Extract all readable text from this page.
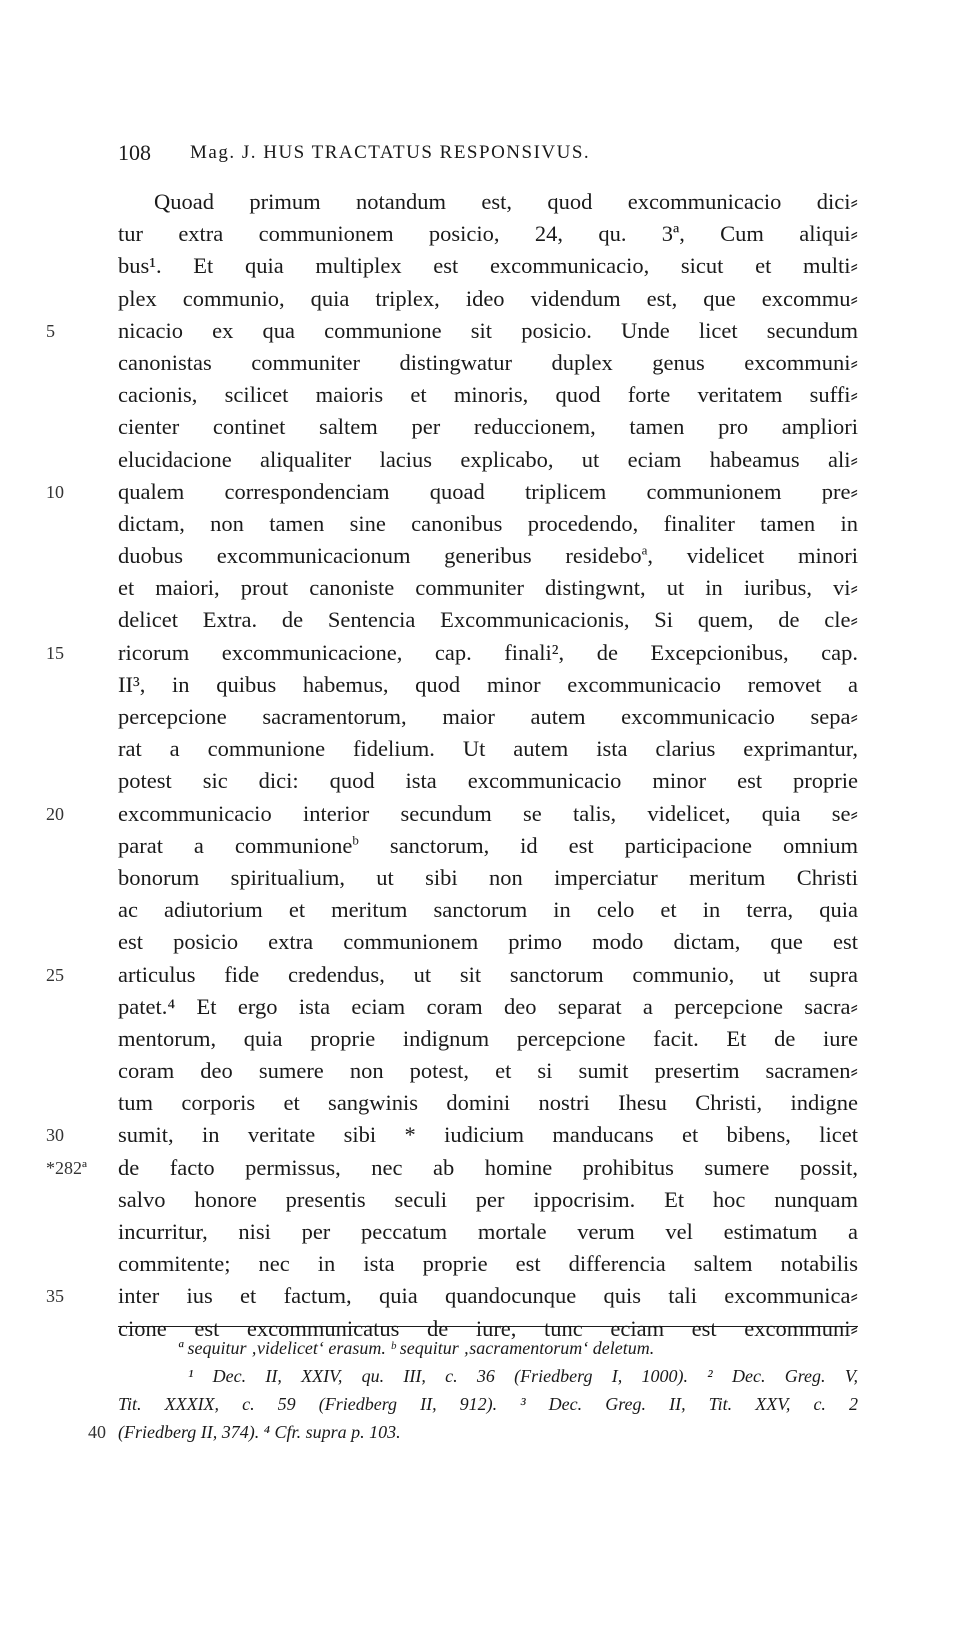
108 Mag. J. HUS TRACTATUS RESPONSIVUS.
Quoad primum notandum est, quod excommunicacio dici⸗
tur extra communionem posicio, 24, qu. 3ª, Cum aliqui⸗
bus¹. Et quia multiplex est excommunicacio, sicut et multi⸗
plex communio, quia triplex, ideo videndum est, que excommu⸗
5	nicacio ex qua communione sit posicio. Unde licet secundum
canonistas communiter distingwatur duplex genus excommuni⸗
cacionis, scilicet maioris et minoris, quod forte veritatem suffi⸗
cienter continet saltem per reduccionem, tamen pro ampliori
elucidacione aliqualiter lacius explicabo, ut eciam habeamus ali⸗
10	qualem correspondenciam quoad triplicem communionem pre⸗
dictam, non tamen sine canonibus procedendo, finaliter tamen in
duobus excommunicacionum generibus residebo$^a$, videlicet minori
et maiori, prout canoniste communiter distingwnt, ut in iuribus, vi⸗
delicet Extra. de Sentencia Excommunicacionis, Si quem, de cle⸗
15	ricorum excommunicacione, cap. finali², de Excepcionibus, cap.
II³, in quibus habemus, quod minor excommunicacio removet a
percepcione sacramentorum, maior autem excommunicacio sepa⸗
rat a communione fidelium. Ut autem ista clarius exprimantur,
potest sic dici: quod ista excommunicacio minor est proprie
20	excommunicacio interior secundum se talis, videlicet, quia se⸗
parat a communione$^b$ sanctorum, id est participacione omnium
bonorum spiritualium, ut sibi non imperciatur meritum Christi
ac adiutorium et meritum sanctorum in celo et in terra, quia
est posicio extra communionem primo modo dictam, que est
25	articulus fide credendus, ut sit sanctorum communio, ut supra
patet.⁴ Et ergo ista eciam coram deo separat a percepcione sacra⸗
mentorum, quia proprie indignum percepcione facit. Et de iure
coram deo sumere non potest, et si sumit presertim sacramen⸗
tum corporis et sangwinis domini nostri Ihesu Christi, indigne
30	sumit, in veritate sibi * iudicium manducans et bibens, licet
*282ª	de facto permissus, nec ab homine prohibitus sumere possit,
salvo honore presentis seculi per ippocrisim. Et hoc nunquam
incurritur, nisi per peccatum mortale verum vel estimatum a
commitente; nec in ista proprie est differencia saltem notabilis
35	inter ius et factum, quia quandocunque quis tali excommunica⸗
cione est excommunicatus de iure, tunc eciam est excommuni⸗
ª sequitur ‚videlicet‘ erasum. ᵇ sequitur ‚sacramentorum‘ deletum.
¹ Dec. II, XXIV, qu. III, c. 36 (Friedberg I, 1000). ² Dec. Greg. V,
Tit. XXXIX, c. 59 (Friedberg II, 912). ³ Dec. Greg. II, Tit. XXV, c. 2
40 (Friedberg II, 374). ⁴ Cfr. supra p. 103.
